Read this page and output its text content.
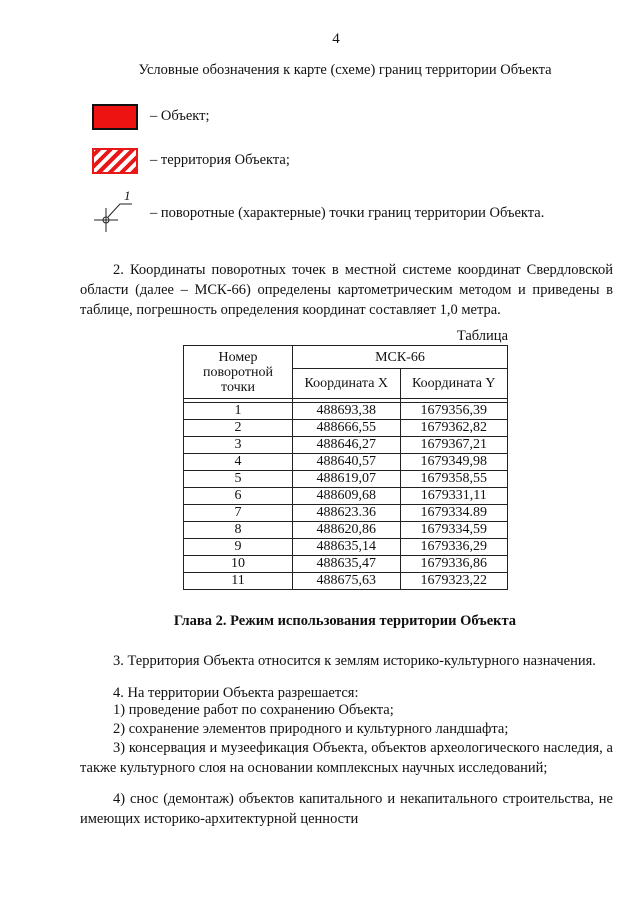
4
Условные обозначения к карте (схеме) границ территории Объекта
– Объект;
– территория Объекта;
1
– поворотные (характерные) точки границ территории Объекта.
2. Координаты поворотных точек в местной системе координат Свердловской области (далее – МСК-66) определены картометрическим методом и приведены в таблице, погрешность определения координат составляет 1,0 метра.
Таблица
Номер поворотной точки	МСК-66	
	Координата X	Координата Y

1	488693,38	1679356,39
2	488666,55	1679362,82
3	488646,27	1679367,21
4	488640,57	1679349,98
5	488619,07	1679358,55
6	488609,68	1679331,11
7	488623.36	1679334.89
8	488620,86	1679334,59
9	488635,14	1679336,29
10	488635,47	1679336,86
11	488675,63	1679323,22
Глава 2. Режим использования территории Объекта
3. Территория Объекта относится к землям историко-культурного назначения.
4. На территории Объекта разрешается:
1) проведение работ по сохранению Объекта;
2) сохранение элементов природного и культурного ландшафта;
3) консервация и музеефикация Объекта, объектов археологического наследия, а также культурного слоя на основании комплексных научных исследований;
4) снос (демонтаж) объектов капитального и некапитального строительства, не имеющих историко-архитектурной ценности
